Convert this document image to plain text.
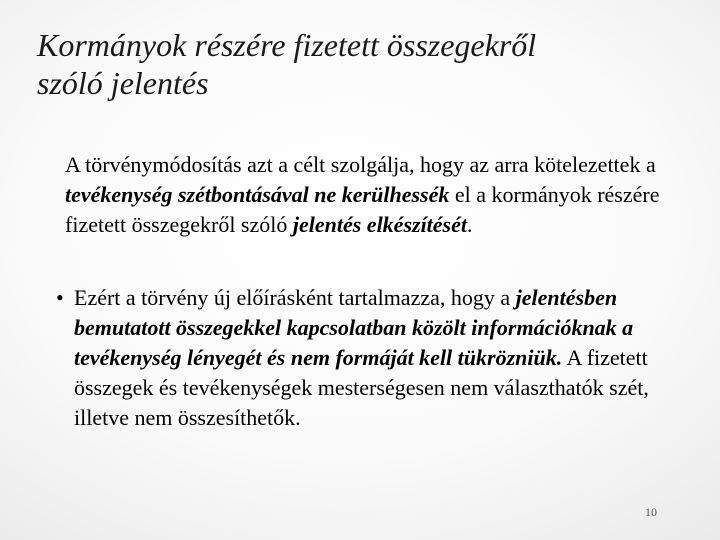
Kormányok részére fizetett összegekről
szóló jelentés
A törvénymódosítás azt a célt szolgálja, hogy az arra kötelezettek a tevékenység szétbontásával ne kerülhessék el a kormányok részére fizetett összegekről szóló jelentés elkészítését.
• Ezért a törvény új előírásként tartalmazza, hogy a jelentésben bemutatott összegekkel kapcsolatban közölt információknak a tevékenység lényegét és nem formáját kell tükrözniük. A fizetett összegek és tevékenységek mesterségesen nem választhatók szét, illetve nem összesíthetők.
10
